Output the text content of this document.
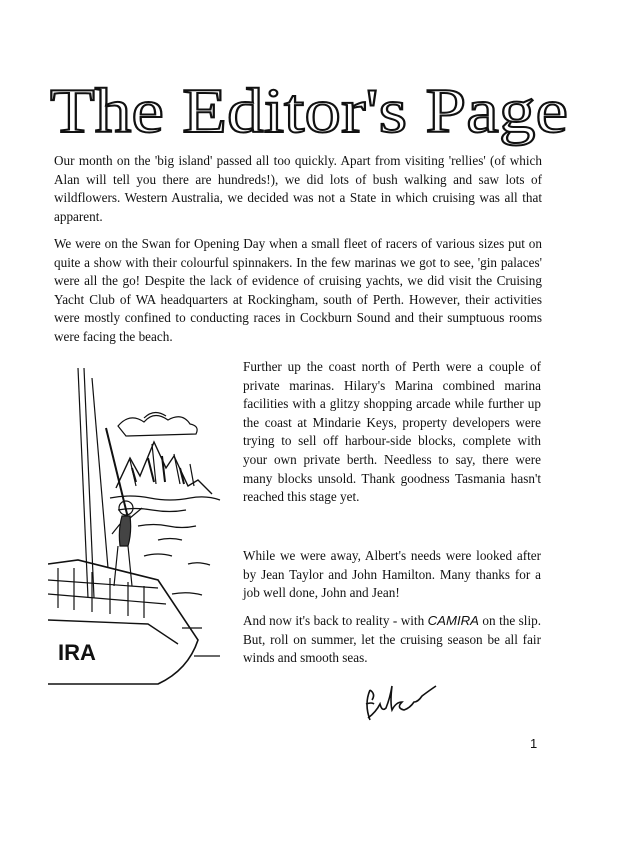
The Editor's Page

Our month on the 'big island' passed all too quickly. Apart from visiting 'rellies' (of which Alan will tell you there are hundreds!), we did lots of bush walking and saw lots of wildflowers. Western Australia, we decided was not a State in which cruising was all that apparent.

We were on the Swan for Opening Day when a small fleet of racers of various sizes put on quite a show with their colourful spinnakers. In the few marinas we got to see, 'gin palaces' were all the go! Despite the lack of evidence of cruising yachts, we did visit the Cruising Yacht Club of WA headquarters at Rockingham, south of Perth. However, their activities were mostly confined to conducting races in Cockburn Sound and their sumptuous rooms were facing the beach.

Further up the coast north of Perth were a couple of private marinas. Hilary's Marina combined marina facilities with a glitzy shopping arcade while further up the coast at Mindarie Keys, property developers were trying to sell off harbour-side blocks, complete with your own private berth. Needless to say, there were many blocks unsold. Thank goodness Tasmania hasn't reached this stage yet.

While we were away, Albert's needs were looked after by Jean Taylor and John Hamilton. Many thanks for a job well done, John and Jean!

And now it's back to reality - with CAMIRA on the slip. But, roll on summer, let the cruising season be all fair winds and smooth seas.

IRA
1
